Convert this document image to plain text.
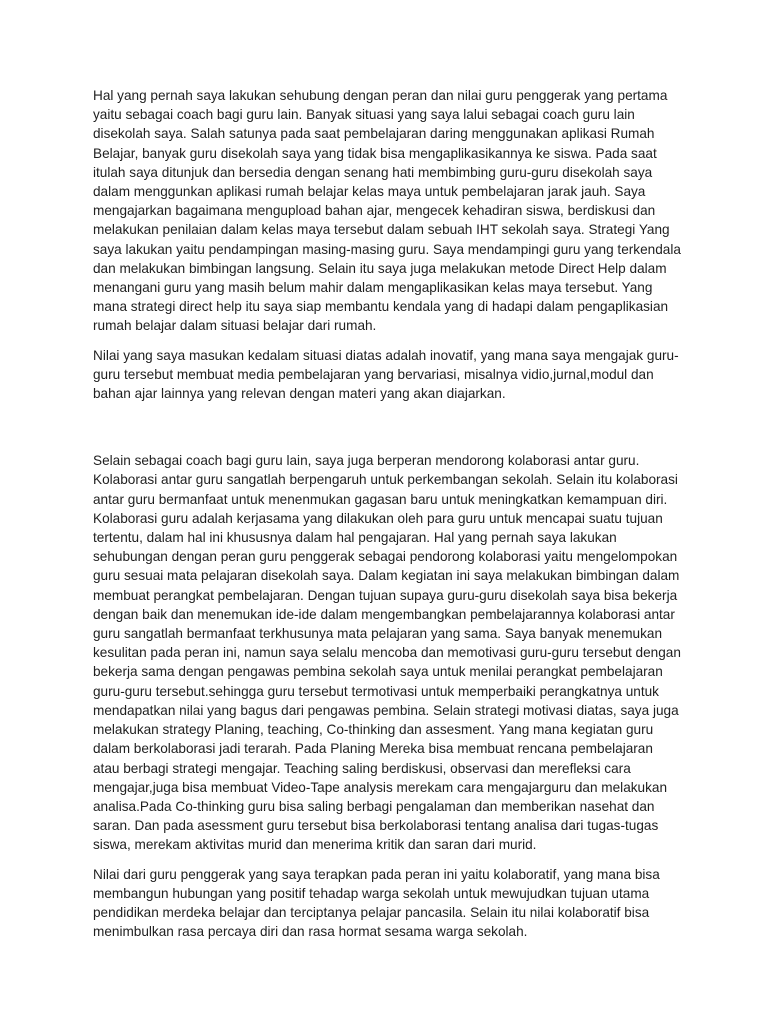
Hal yang pernah saya lakukan sehubung dengan peran dan nilai guru penggerak yang pertama yaitu sebagai coach bagi guru lain. Banyak situasi yang saya lalui sebagai coach guru lain disekolah saya. Salah satunya pada saat pembelajaran daring menggunakan aplikasi Rumah Belajar, banyak guru disekolah saya yang tidak bisa mengaplikasikannya ke siswa. Pada saat itulah saya ditunjuk dan bersedia dengan senang hati membimbing guru-guru disekolah saya dalam menggunkan aplikasi rumah belajar kelas maya untuk pembelajaran jarak jauh. Saya mengajarkan bagaimana mengupload bahan ajar, mengecek kehadiran siswa, berdiskusi dan melakukan penilaian dalam kelas maya tersebut dalam sebuah IHT sekolah saya. Strategi Yang saya lakukan yaitu pendampingan masing-masing guru. Saya mendampingi guru yang terkendala dan melakukan bimbingan langsung. Selain itu saya juga melakukan metode Direct Help dalam menangani guru yang masih belum mahir dalam mengaplikasikan kelas maya tersebut. Yang mana strategi direct help itu saya siap membantu kendala yang di hadapi dalam pengaplikasian rumah belajar dalam situasi belajar dari rumah.

Nilai yang saya masukan kedalam situasi diatas adalah inovatif, yang mana saya mengajak guru-guru tersebut membuat media pembelajaran yang bervariasi, misalnya vidio,jurnal,modul dan bahan ajar lainnya yang relevan dengan materi yang akan diajarkan.

Selain sebagai coach bagi guru lain, saya juga berperan mendorong kolaborasi antar guru. Kolaborasi antar guru sangatlah berpengaruh untuk perkembangan sekolah. Selain itu kolaborasi antar guru bermanfaat untuk menenmukan gagasan baru untuk meningkatkan kemampuan diri. Kolaborasi guru adalah kerjasama yang dilakukan oleh para guru untuk mencapai suatu tujuan tertentu, dalam hal ini khususnya dalam hal pengajaran. Hal yang pernah saya lakukan sehubungan dengan peran guru penggerak sebagai pendorong kolaborasi yaitu mengelompokan guru sesuai mata pelajaran disekolah saya. Dalam kegiatan ini saya melakukan bimbingan dalam membuat perangkat pembelajaran. Dengan tujuan supaya guru-guru disekolah saya bisa bekerja dengan baik dan menemukan ide-ide dalam mengembangkan pembelajarannya kolaborasi antar guru sangatlah bermanfaat terkhusunya mata pelajaran yang sama. Saya banyak menemukan kesulitan pada peran ini, namun saya selalu mencoba dan memotivasi guru-guru tersebut dengan bekerja sama dengan pengawas pembina sekolah saya untuk menilai perangkat pembelajaran guru-guru tersebut.sehingga guru tersebut termotivasi untuk memperbaiki perangkatnya untuk mendapatkan nilai yang bagus dari pengawas pembina. Selain strategi motivasi diatas, saya juga melakukan strategy Planing, teaching, Co-thinking dan assesment. Yang mana kegiatan guru dalam berkolaborasi jadi terarah. Pada Planing Mereka bisa membuat rencana pembelajaran atau berbagi strategi mengajar. Teaching saling berdiskusi, observasi dan merefleksi cara mengajar,juga bisa membuat Video-Tape analysis merekam cara mengajarguru dan melakukan analisa.Pada Co-thinking guru bisa saling berbagi pengalaman dan memberikan nasehat dan saran. Dan pada asessment guru tersebut bisa berkolaborasi tentang analisa dari tugas-tugas siswa, merekam aktivitas murid dan menerima kritik dan saran dari murid.

Nilai dari guru penggerak yang saya terapkan pada peran ini yaitu kolaboratif, yang mana bisa membangun hubungan yang positif tehadap warga sekolah untuk mewujudkan tujuan utama pendidikan merdeka belajar dan terciptanya pelajar pancasila. Selain itu nilai kolaboratif bisa menimbulkan rasa percaya diri dan rasa hormat sesama warga sekolah.
